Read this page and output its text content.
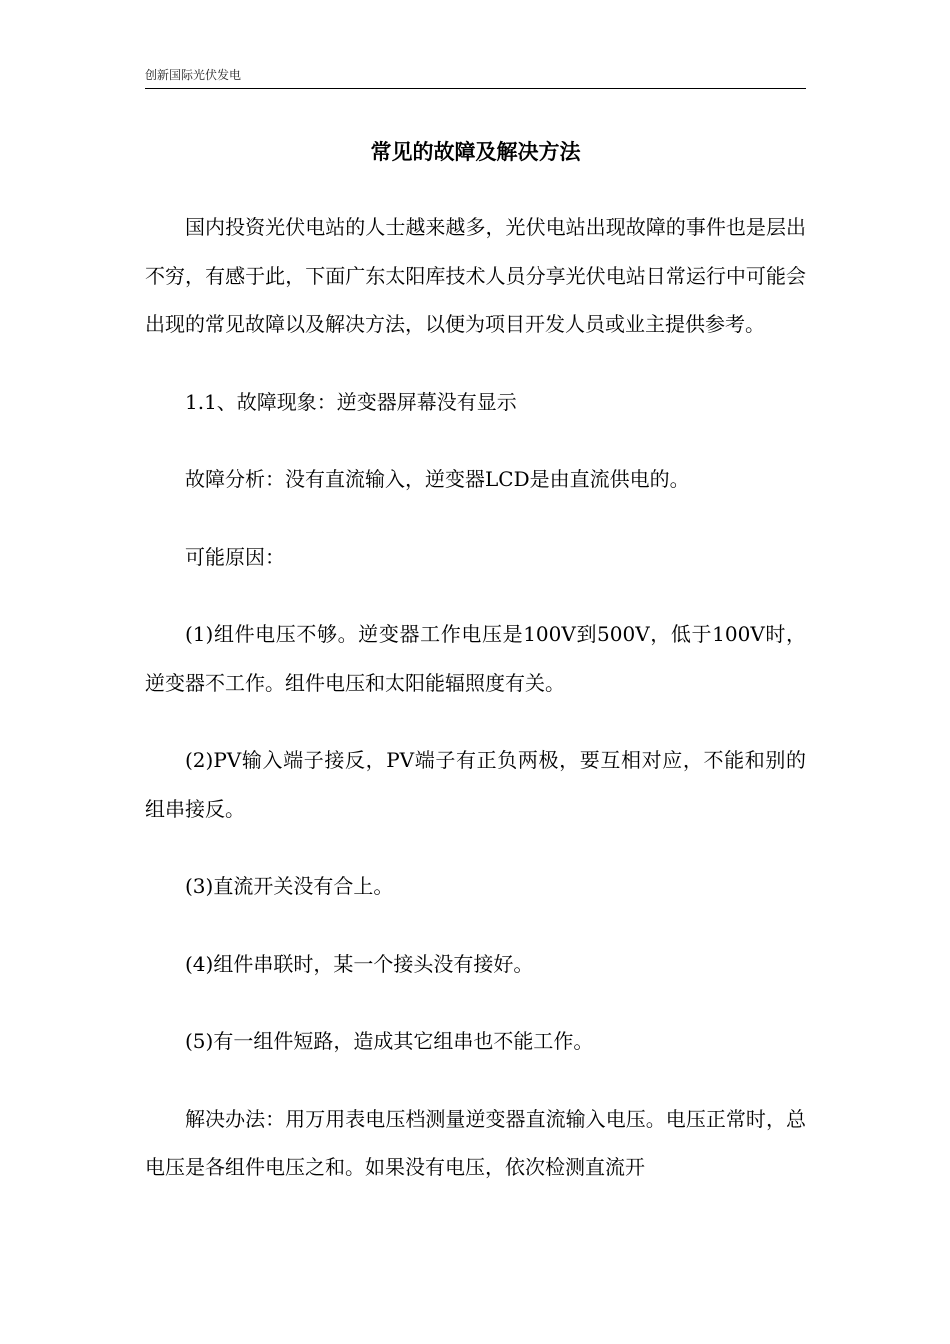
创新国际光伏发电
常见的故障及解决方法

国内投资光伏电站的人士越来越多，光伏电站出现故障的事件也是层出不穷，有感于此，下面广东太阳库技术人员分享光伏电站日常运行中可能会出现的常见故障以及解决方法，以便为项目开发人员或业主提供参考。

1.1、故障现象：逆变器屏幕没有显示

故障分析：没有直流输入，逆变器LCD是由直流供电的。

可能原因：

(1)组件电压不够。逆变器工作电压是100V到500V，低于100V时，逆变器不工作。组件电压和太阳能辐照度有关。

(2)PV输入端子接反，PV端子有正负两极，要互相对应，不能和别的组串接反。

(3)直流开关没有合上。

(4)组件串联时，某一个接头没有接好。

(5)有一组件短路，造成其它组串也不能工作。

解决办法：用万用表电压档测量逆变器直流输入电压。电压正常时，总电压是各组件电压之和。如果没有电压，依次检测直流开
